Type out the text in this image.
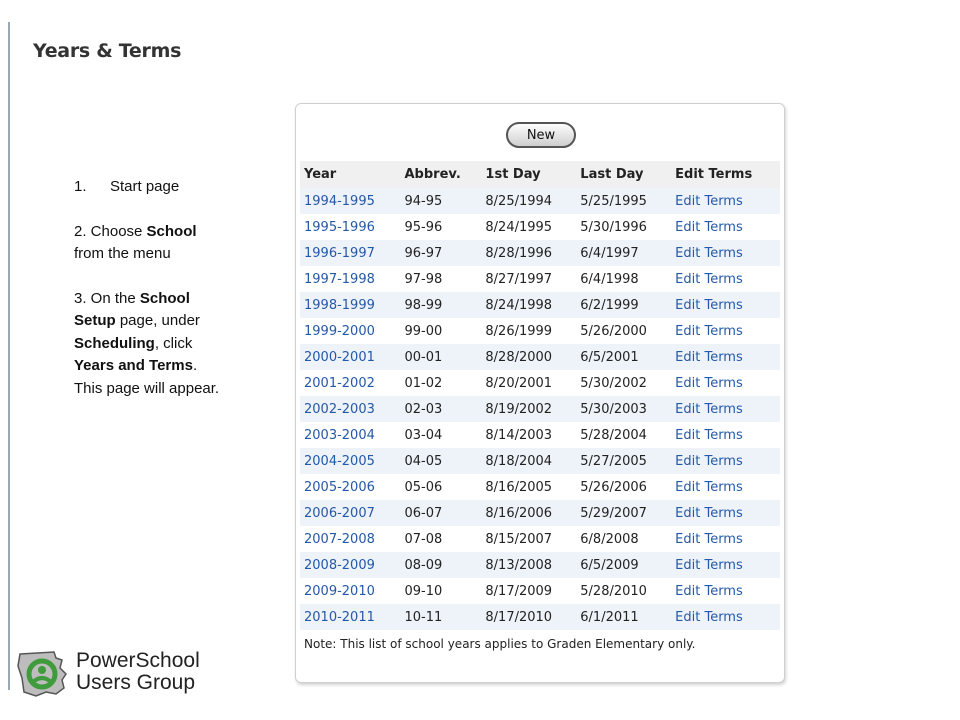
Years & Terms
1.	Start page

2. Choose School from the menu

3. On the School Setup page, under Scheduling, click Years and Terms. This page will appear.

New
Year	Abbrev.	1st Day	Last Day	Edit Terms
1994-1995	94-95	8/25/1994	5/25/1995	Edit Terms
1995-1996	95-96	8/24/1995	5/30/1996	Edit Terms
1996-1997	96-97	8/28/1996	6/4/1997	Edit Terms
1997-1998	97-98	8/27/1997	6/4/1998	Edit Terms
1998-1999	98-99	8/24/1998	6/2/1999	Edit Terms
1999-2000	99-00	8/26/1999	5/26/2000	Edit Terms
2000-2001	00-01	8/28/2000	6/5/2001	Edit Terms
2001-2002	01-02	8/20/2001	5/30/2002	Edit Terms
2002-2003	02-03	8/19/2002	5/30/2003	Edit Terms
2003-2004	03-04	8/14/2003	5/28/2004	Edit Terms
2004-2005	04-05	8/18/2004	5/27/2005	Edit Terms
2005-2006	05-06	8/16/2005	5/26/2006	Edit Terms
2006-2007	06-07	8/16/2006	5/29/2007	Edit Terms
2007-2008	07-08	8/15/2007	6/8/2008	Edit Terms
2008-2009	08-09	8/13/2008	6/5/2009	Edit Terms
2009-2010	09-10	8/17/2009	5/28/2010	Edit Terms
2010-2011	10-11	8/17/2010	6/1/2011	Edit Terms
Note: This list of school years applies to Graden Elementary only.
PowerSchool
Users Group
